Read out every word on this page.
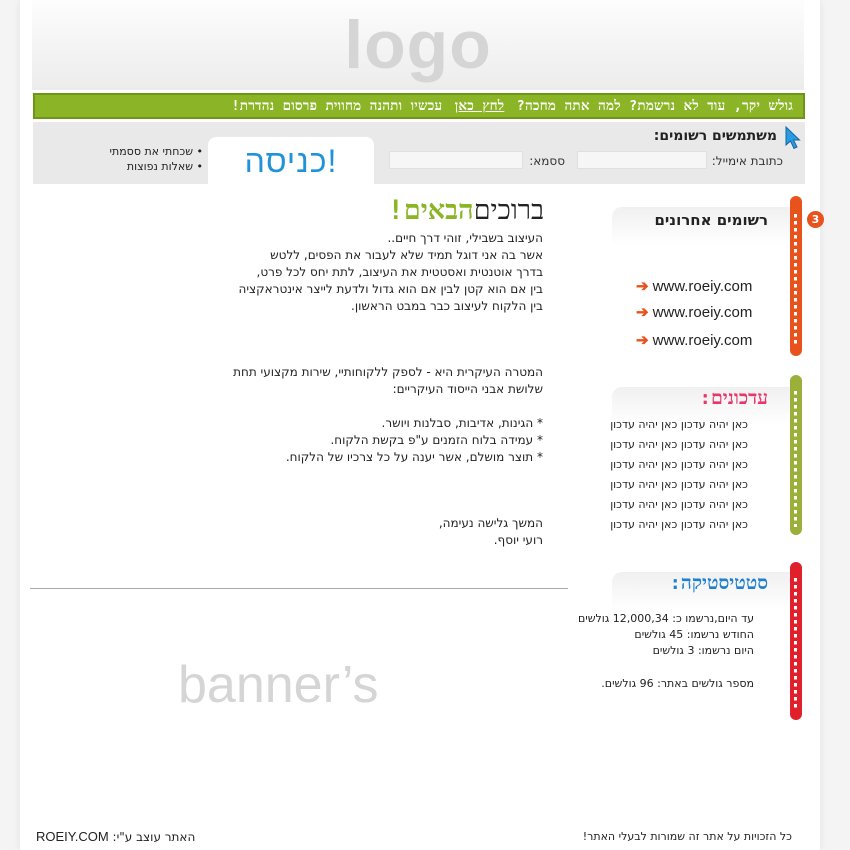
logo
גולש יקר, עוד לא נרשמת? למה אתה מחכה? לחץ כאן עכשיו ותהנה מחווית פרסום נהדרת!
משתמשים רשומים:
כתובת אימייל:
ססמא:
כניסה!
• שכחתי את ססמתי
• שאלות נפוצות
ברוכיםהבאים!
העיצוב בשבילי, זוהי דרך חיים..
אשר בה אני דוגל תמיד שלא לעבור את הפסים, ללטש
בדרך אוטנטית ואסטטית את העיצוב, לתת יחס לכל פרט,
בין אם הוא קטן לבין אם הוא גדול ולדעת לייצר אינטראקציה
בין הלקוח לעיצוב כבר במבט הראשון.
המטרה העיקרית היא - לספק ללקוחותיי, שירות מקצועי תחת
שלושת אבני הייסוד העיקריים:
* הגינות, אדיבות, סבלנות ויושר.
* עמידה בלוח הזמנים ע"פ בקשת הלקוח.
* תוצר מושלם, אשר יענה על כל צרכיו של הלקוח.
המשך גלישה נעימה,
רועי יוסף.
banner’s
3
רשומים אחרונים
➔ www.roeiy.com
➔ www.roeiy.com
➔ www.roeiy.com
עדכונים:
כאן יהיה עדכון כאן יהיה עדכון
כאן יהיה עדכון כאן יהיה עדכון
כאן יהיה עדכון כאן יהיה עדכון
כאן יהיה עדכון כאן יהיה עדכון
כאן יהיה עדכון כאן יהיה עדכון
כאן יהיה עדכון כאן יהיה עדכון
סטטיסטיקה:
עד היום,נרשמו כ: 12,000,34 גולשים
החודש נרשמו: 45 גולשים
היום נרשמו: 3 גולשים
מספר גולשים באתר: 96 גולשים.
האתר עוצב ע"י: ROEIY.COM	כל הזכויות על אתר זה שמורות לבעלי האתר!
